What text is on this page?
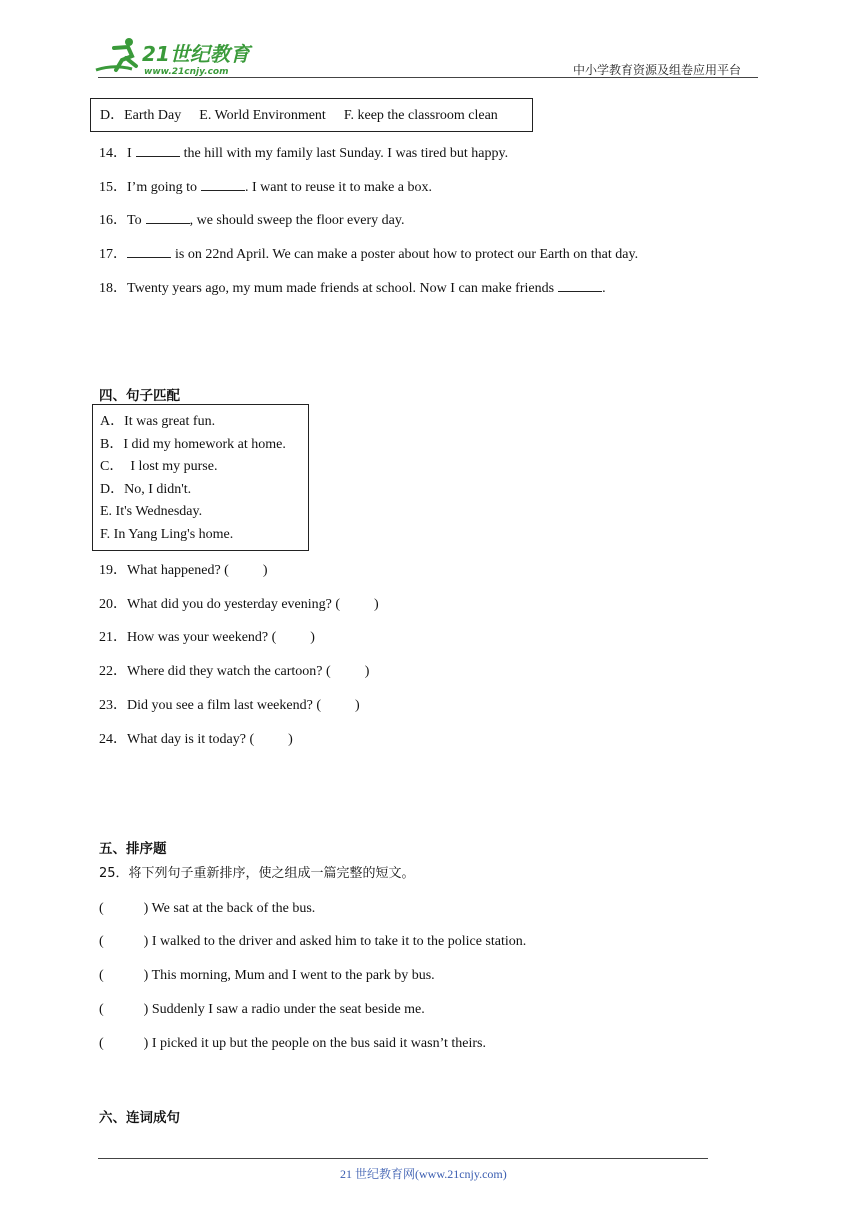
21世纪教育
www.21cnjy.com	中小学教育资源及组卷应用平台
D．Earth Day E. World Environment F. keep the classroom clean
14．I	the hill with my family last Sunday. I was tired but happy.
15．I’m going to	. I want to reuse it to make a box.
16．To	, we should sweep the floor every day.
17．	is on 22nd April. We can make a poster about how to protect our Earth on that day.
18．Twenty years ago, my mum made friends at school. Now I can make friends	.
四、句子匹配
A．It was great fun.
B．I did my homework at home.
C．  I lost my purse.
D．No, I didn't.
E. It's Wednesday.
F. In Yang Ling's home.
19．What happened? ( )
20．What did you do yesterday evening? ( )
21．How was your weekend? ( )
22．Where did they watch the cartoon? ( )
23．Did you see a film last weekend? ( )
24．What day is it today? ( )
五、排序题
25．将下列句子重新排序，使之组成一篇完整的短文。
(	) We sat at the back of the bus.
(	) I walked to the driver and asked him to take it to the police station.
(	) This morning, Mum and I went to the park by bus.
(	) Suddenly I saw a radio under the seat beside me.
(	) I picked it up but the people on the bus said it wasn’t theirs.
六、连词成句
21 世纪教育网(www.21cnjy.com)
